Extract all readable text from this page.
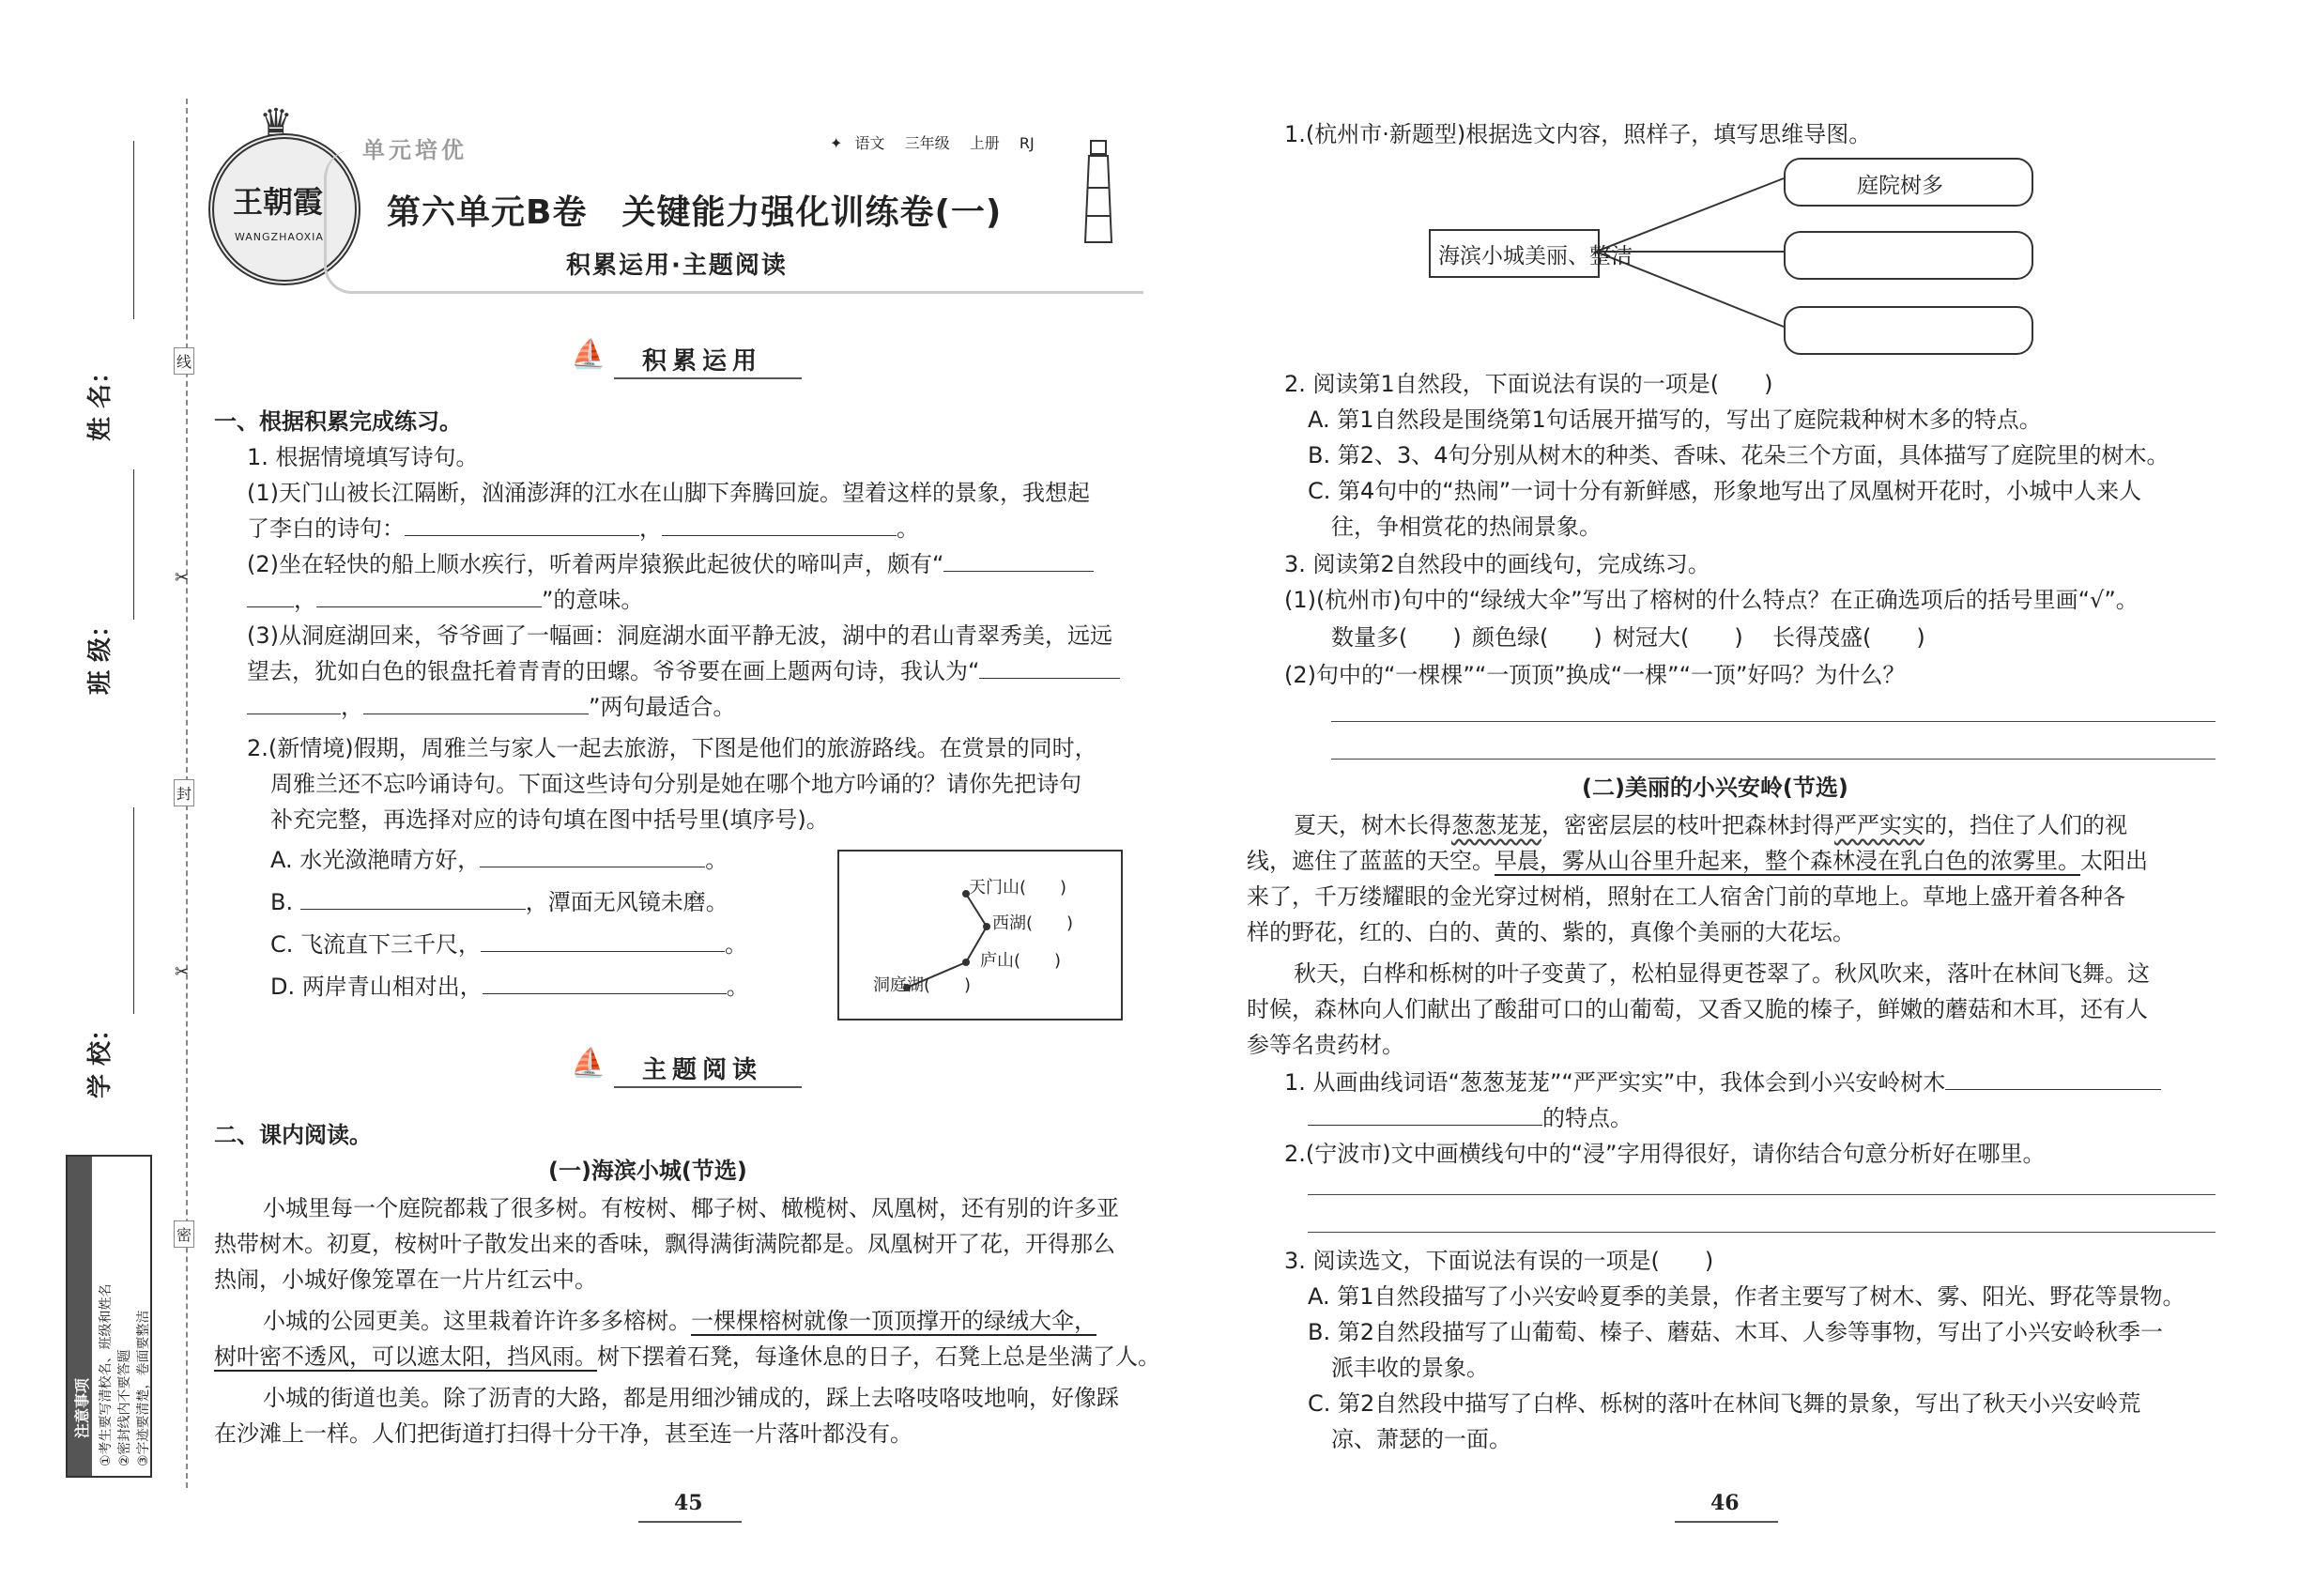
姓 名：
班 级：
学 校：
线
封
密
✂
✂
注意事项 ①考生要写清校名、班级和姓名 ②密封线内不要答题 ③字迹要清楚，卷面要整洁
♛
王朝霞
WANGZHAOXIA
单元培优	✦ 语文 三年级 上册 RJ
第六单元B卷　关键能力强化训练卷(一)
积累运用·主题阅读
⛵ 积累运用
一、根据积累完成练习。
1. 根据情境填写诗句。
(1)天门山被长江隔断，汹涌澎湃的江水在山脚下奔腾回旋。望着这样的景象，我想起
了李白的诗句：	，	。
(2)坐在轻快的船上顺水疾行，听着两岸猿猴此起彼伏的啼叫声，颇有“
，	”的意味。
(3)从洞庭湖回来，爷爷画了一幅画：洞庭湖水面平静无波，湖中的君山青翠秀美，远远
望去，犹如白色的银盘托着青青的田螺。爷爷要在画上题两句诗，我认为“
，	”两句最适合。
2.(新情境)假期，周雅兰与家人一起去旅游，下图是他们的旅游路线。在赏景的同时，
周雅兰还不忘吟诵诗句。下面这些诗句分别是她在哪个地方吟诵的？请你先把诗句
补充完整，再选择对应的诗句填在图中括号里(填序号)。
A. 水光潋滟晴方好，	。
B.	，潭面无风镜未磨。
C. 飞流直下三千尺，	。
D. 两岸青山相对出，	。
天门山(　　)
西湖(　　)
庐山(　　)
洞庭湖(　　)
⛵ 主题阅读
二、课内阅读。
(一)海滨小城(节选)
小城里每一个庭院都栽了很多树。有桉树、椰子树、橄榄树、凤凰树，还有别的许多亚
热带树木。初夏，桉树叶子散发出来的香味，飘得满街满院都是。凤凰树开了花，开得那么
热闹，小城好像笼罩在一片片红云中。
小城的公园更美。这里栽着许许多多榕树。一棵棵榕树就像一顶顶撑开的绿绒大伞，
树叶密不透风，可以遮太阳，挡风雨。树下摆着石凳，每逢休息的日子，石凳上总是坐满了人。
小城的街道也美。除了沥青的大路，都是用细沙铺成的，踩上去咯吱咯吱地响，好像踩
在沙滩上一样。人们把街道打扫得十分干净，甚至连一片落叶都没有。
45
1.(杭州市·新题型)根据选文内容，照样子，填写思维导图。
海滨小城美丽、整洁
庭院树多
2. 阅读第1自然段，下面说法有误的一项是(　　)
A. 第1自然段是围绕第1句话展开描写的，写出了庭院栽种树木多的特点。
B. 第2、3、4句分别从树木的种类、香味、花朵三个方面，具体描写了庭院里的树木。
C. 第4句中的“热闹”一词十分有新鲜感，形象地写出了凤凰树开花时，小城中人来人
往，争相赏花的热闹景象。
3. 阅读第2自然段中的画线句，完成练习。
(1)(杭州市)句中的“绿绒大伞”写出了榕树的什么特点？在正确选项后的括号里画“√”。
数量多(　　) 颜色绿(　　) 树冠大(　　) 长得茂盛(　　)
(2)句中的“一棵棵”“一顶顶”换成“一棵”“一顶”好吗？为什么？
(二)美丽的小兴安岭(节选)
夏天，树木长得葱葱茏茏，密密层层的枝叶把森林封得严严实实的，挡住了人们的视
线，遮住了蓝蓝的天空。早晨，雾从山谷里升起来，整个森林浸在乳白色的浓雾里。太阳出
来了，千万缕耀眼的金光穿过树梢，照射在工人宿舍门前的草地上。草地上盛开着各种各
样的野花，红的、白的、黄的、紫的，真像个美丽的大花坛。
秋天，白桦和栎树的叶子变黄了，松柏显得更苍翠了。秋风吹来，落叶在林间飞舞。这
时候，森林向人们献出了酸甜可口的山葡萄，又香又脆的榛子，鲜嫩的蘑菇和木耳，还有人
参等名贵药材。
1. 从画曲线词语“葱葱茏茏”“严严实实”中，我体会到小兴安岭树木
的特点。
2.(宁波市)文中画横线句中的“浸”字用得很好，请你结合句意分析好在哪里。
3. 阅读选文，下面说法有误的一项是(　　)
A. 第1自然段描写了小兴安岭夏季的美景，作者主要写了树木、雾、阳光、野花等景物。
B. 第2自然段描写了山葡萄、榛子、蘑菇、木耳、人参等事物，写出了小兴安岭秋季一
派丰收的景象。
C. 第2自然段中描写了白桦、栎树的落叶在林间飞舞的景象，写出了秋天小兴安岭荒
凉、萧瑟的一面。
46
